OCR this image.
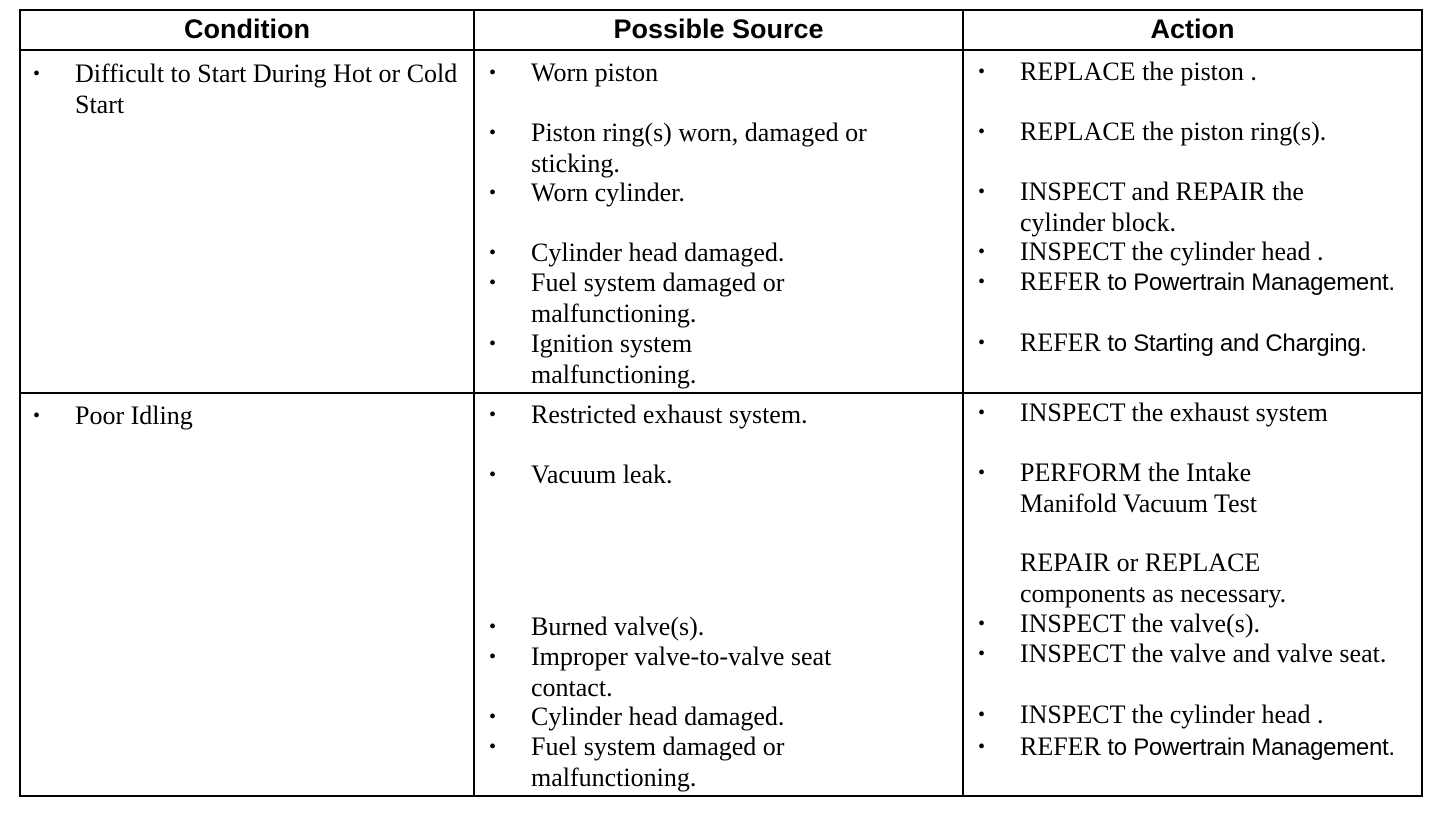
Condition	Possible Source	Action
• Difficult to Start During Hot or Cold Start
• Worn piston
• Piston ring(s) worn, damaged or sticking.
• Worn cylinder.
• Cylinder head damaged.
• Fuel system damaged or malfunctioning.
• Ignition system malfunctioning.
• REPLACE the piston .
• REPLACE the piston ring(s).
• INSPECT and REPAIR the cylinder block.
• INSPECT the cylinder head .
• REFER to Powertrain Management.
• REFER to Starting and Charging.
• Poor Idling
•	Restricted exhaust system.
• Vacuum leak.
• Burned valve(s).
• Improper valve-to-valve seat contact.
• Cylinder head damaged.
• Fuel system damaged or malfunctioning.
• INSPECT the exhaust system
• PERFORM the Intake Manifold Vacuum Test
REPAIR or REPLACE components as necessary.
• INSPECT the valve(s).
• INSPECT the valve and valve seat.
• INSPECT the cylinder head .
• REFER to Powertrain Management.
